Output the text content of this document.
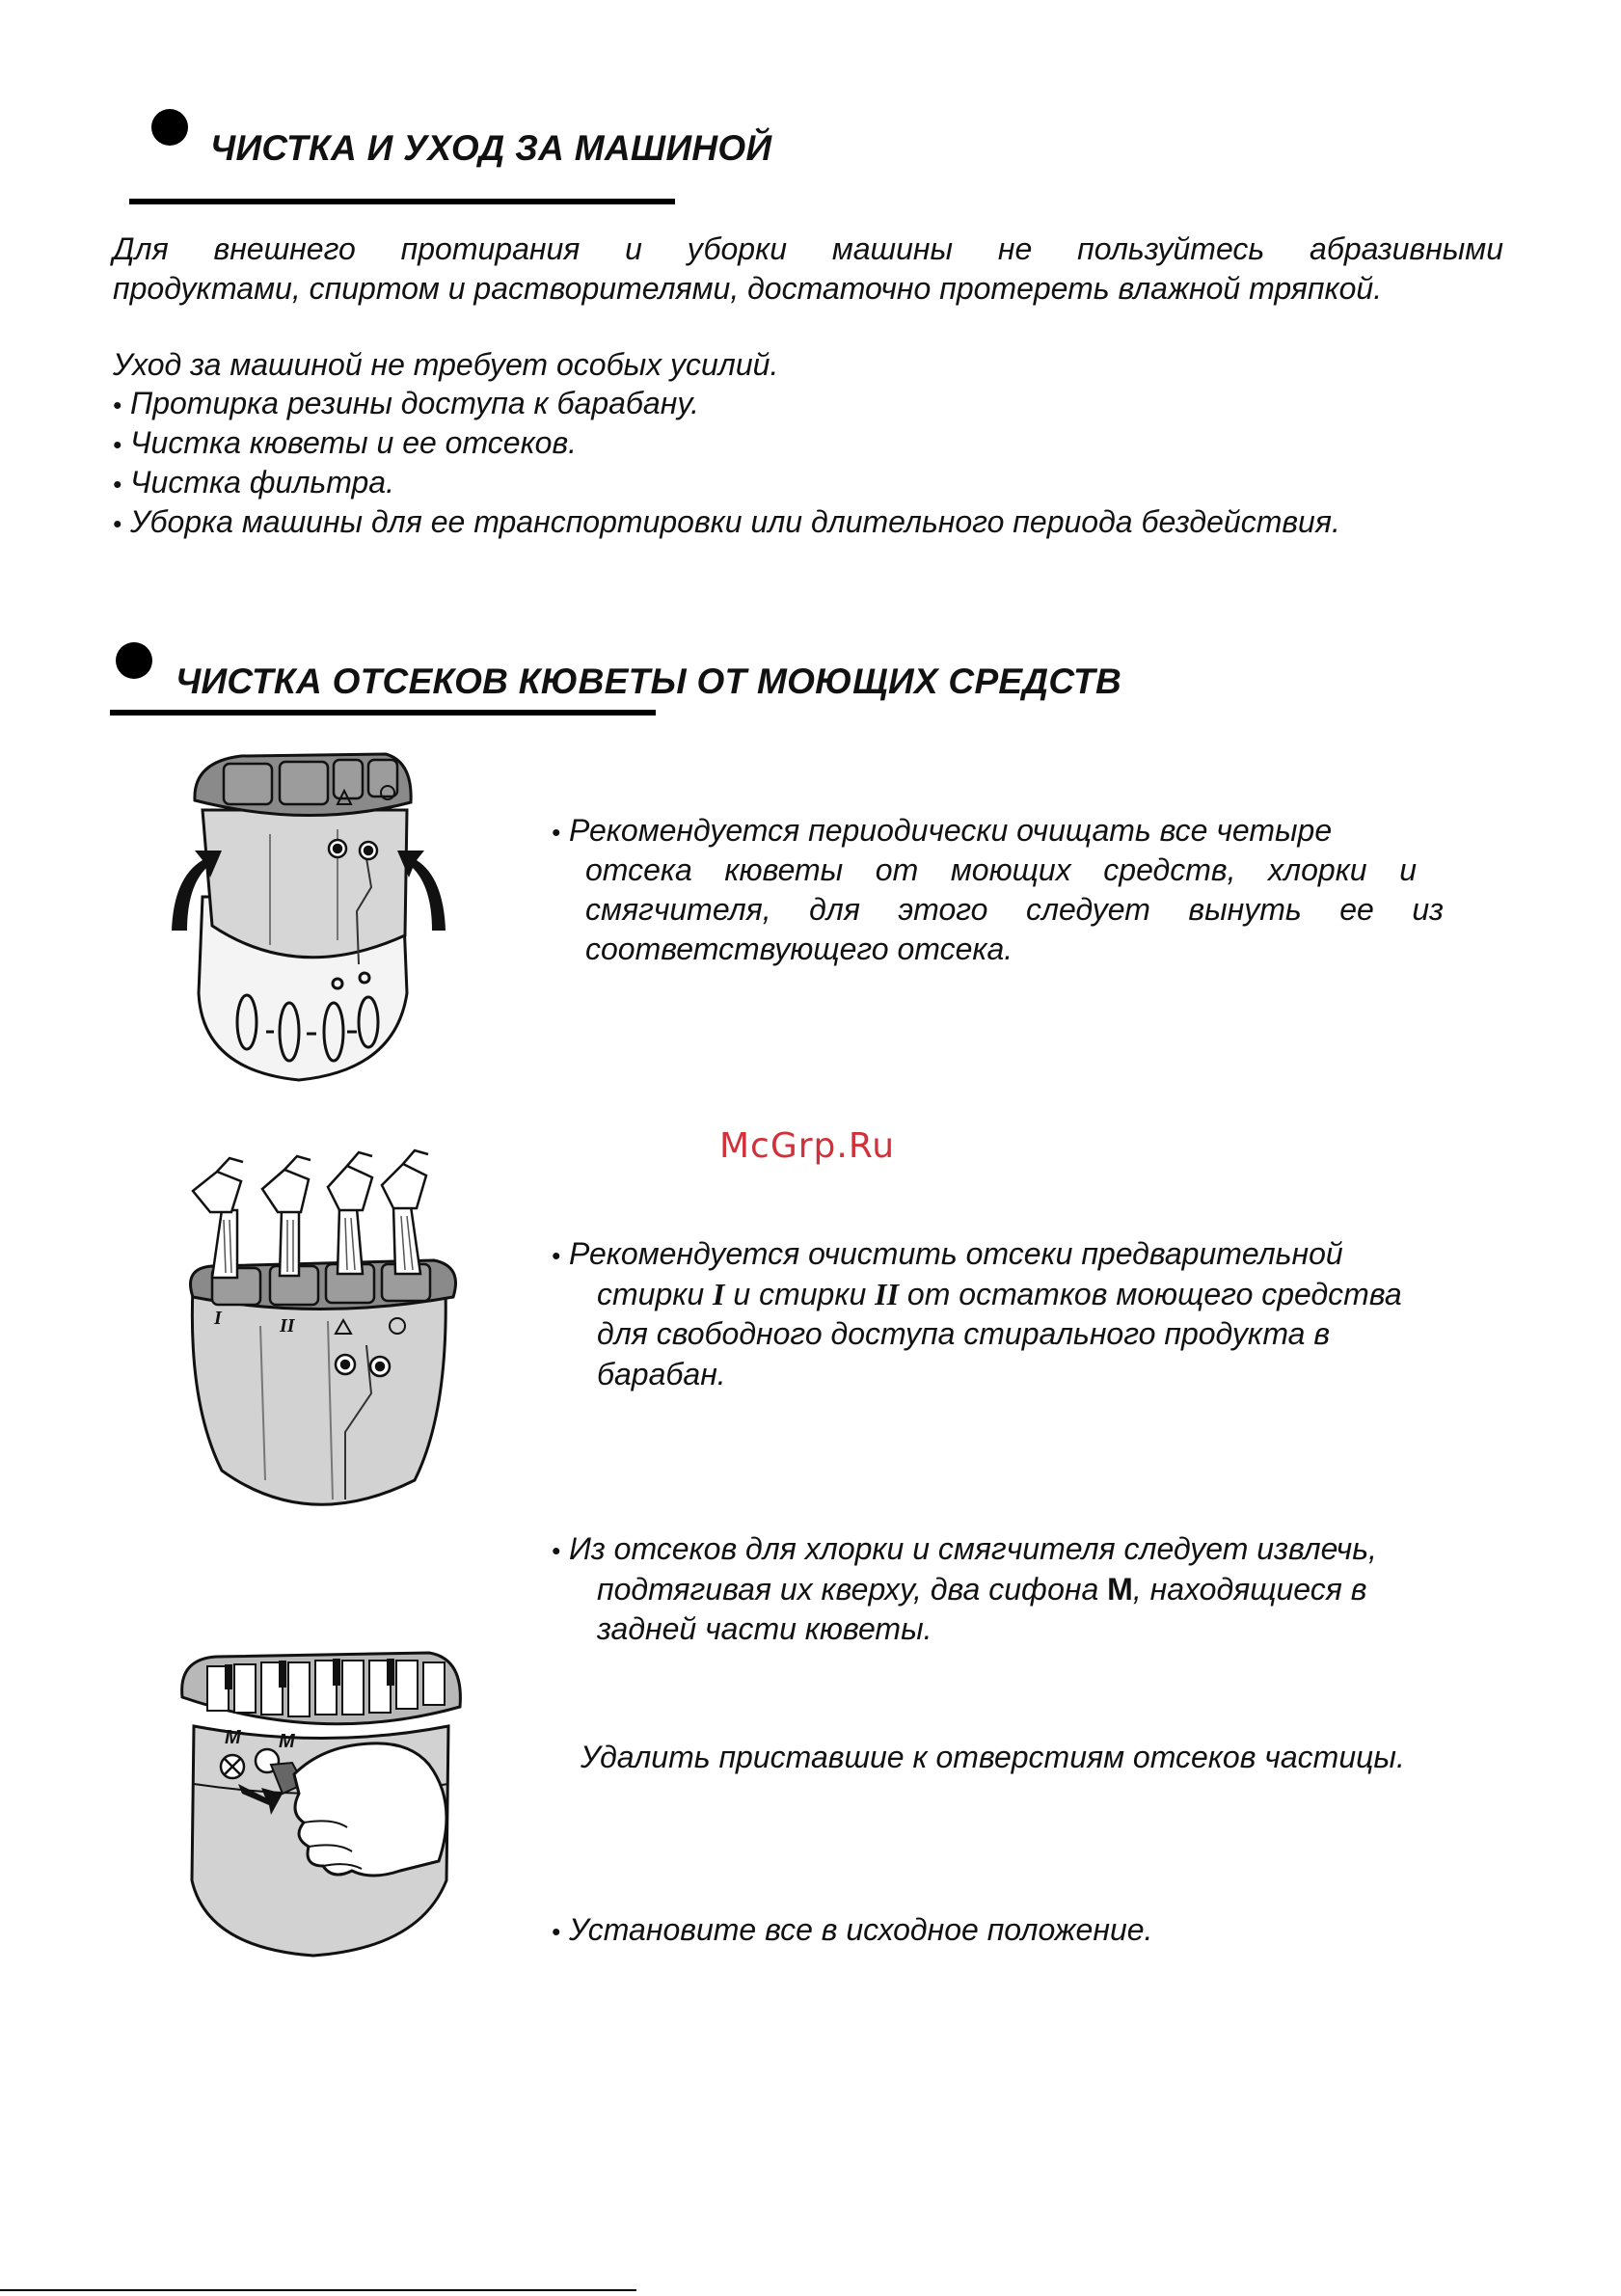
ЧИСТКА И УХОД ЗА МАШИНОЙ
Для внешнего протирания и уборки машины не пользуйтесь абразивными
продуктами, спиртом и растворителями, достаточно протереть влажной тряпкой.
Уход за машиной не требует особых усилий.
• Протирка резины доступа к барабану.
• Чистка кюветы и ее отсеков.
• Чистка фильтра.
• Уборка машины для ее транспортировки или длительного периода бездействия.
ЧИСТКА ОТСЕКОВ КЮВЕТЫ ОТ МОЮЩИХ СРЕДСТВ
• Рекомендуется периодически очищать все четыре
отсека кюветы от моющих средств, хлорки и
смягчителя, для этого следует вынуть ее из
соответствующего отсека.
McGrp.Ru
• Рекомендуется очистить отсеки предварительной
стирки I и стирки II от остатков моющего средства
для свободного доступа стирального продукта в
барабан.
• Из отсеков для хлорки и смягчителя следует извлечь,
подтягивая их кверху, два сифона М, находящиеся в
задней части кюветы.
Удалить приставшие к отверстиям отсеков частицы.
• Установите все в исходное положение.
I	II
M M
